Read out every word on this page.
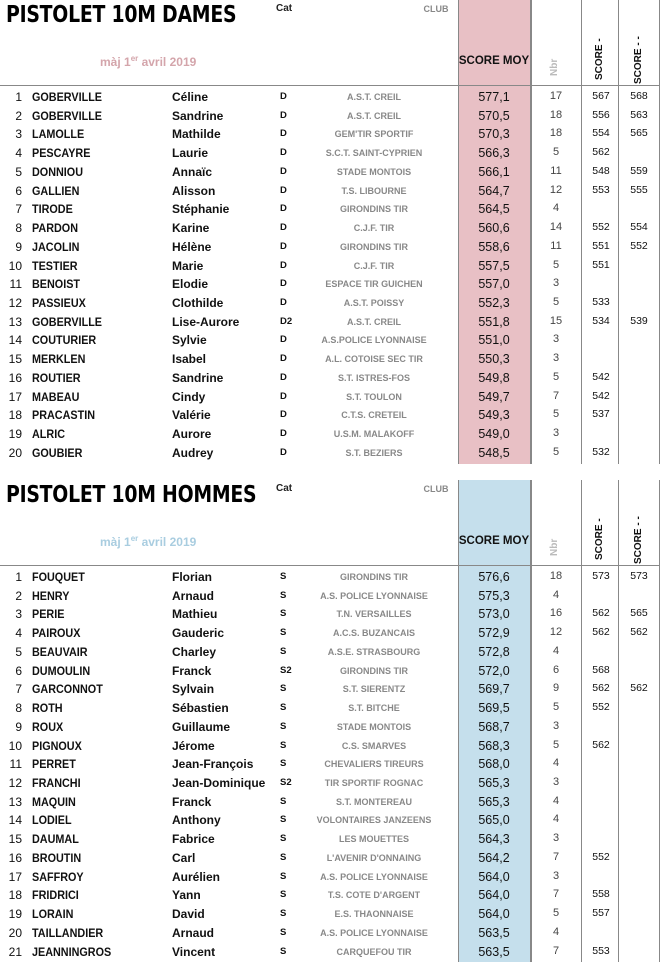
PISTOLET 10M DAMES
màj 1er avril 2019
Cat	CLUB
SCORE MOY Nbr	SCORE -	SCORE - -
1 GOBERVILLE	Céline	D	A.S.T. CREIL	577,1	17	567	568
2 GOBERVILLE	Sandrine	D	A.S.T. CREIL	570,5	18	556	563
3 LAMOLLE	Mathilde	D	GEM'TIR SPORTIF	570,3	18	554	565
4 PESCAYRE	Laurie	D	S.C.T. SAINT-CYPRIEN	566,3	5	562
5 DONNIOU	Annaïc	D	STADE MONTOIS	566,1	11	548	559
6 GALLIEN	Alisson	D	T.S. LIBOURNE	564,7	12	553	555
7 TIRODE	Stéphanie	D	GIRONDINS TIR	564,5	4
8 PARDON	Karine	D	C.J.F. TIR	560,6	14	552	554
9 JACOLIN	Hélène	D	GIRONDINS TIR	558,6	11	551	552
10 TESTIER	Marie	D	C.J.F. TIR	557,5	5	551
11 BENOIST	Elodie	D	ESPACE TIR GUICHEN	557,0	3
12 PASSIEUX	Clothilde	D	A.S.T. POISSY	552,3	5	533
13 GOBERVILLE	Lise-Aurore	D2	A.S.T. CREIL	551,8	15	534	539
14 COUTURIER	Sylvie	D	A.S.POLICE LYONNAISE	551,0	3
15 MERKLEN	Isabel	D	A.L. COTOISE SEC TIR	550,3	3
16 ROUTIER	Sandrine	D	S.T. ISTRES-FOS	549,8	5	542
17 MABEAU	Cindy	D	S.T. TOULON	549,7	7	542
18 PRACASTIN	Valérie	D	C.T.S. CRETEIL	549,3	5	537
19 ALRIC	Aurore	D	U.S.M. MALAKOFF	549,0	3
20 GOUBIER	Audrey	D	S.T. BEZIERS	548,5	5	532
PISTOLET 10M HOMMES
màj 1er avril 2019
Cat	CLUB
SCORE MOY Nbr	SCORE -	SCORE - -
1 FOUQUET	Florian	S	GIRONDINS TIR	576,6	18	573	573
2 HENRY	Arnaud	S	A.S. POLICE LYONNAISE	575,3	4
3 PERIE	Mathieu	S	T.N. VERSAILLES	573,0	16	562	565
4 PAIROUX	Gauderic	S	A.C.S. BUZANCAIS	572,9	12	562	562
5 BEAUVAIR	Charley	S	A.S.E. STRASBOURG	572,8	4
6 DUMOULIN	Franck	S2	GIRONDINS TIR	572,0	6	568
7 GARCONNOT	Sylvain	S	S.T. SIERENTZ	569,7	9	562	562
8 ROTH	Sébastien	S	S.T. BITCHE	569,5	5	552
9 ROUX	Guillaume	S	STADE MONTOIS	568,7	3
10 PIGNOUX	Jérome	S	C.S. SMARVES	568,3	5	562
11 PERRET	Jean-François	S	CHEVALIERS TIREURS	568,0	4
12 FRANCHI	Jean-Dominique S2	TIR SPORTIF ROGNAC	565,3	3
13 MAQUIN	Franck	S	S.T. MONTEREAU	565,3	4
14 LODIEL	Anthony	S	VOLONTAIRES JANZEENS	565,0	4
15 DAUMAL	Fabrice	S	LES MOUETTES	564,3	3
16 BROUTIN	Carl	S	L'AVENIR D'ONNAING	564,2	7	552
17 SAFFROY	Aurélien	S	A.S. POLICE LYONNAISE	564,0	3
18 FRIDRICI	Yann	S	T.S. COTE D'ARGENT	564,0	7	558
19 LORAIN	David	S	E.S. THAONNAISE	564,0	5	557
20 TAILLANDIER	Arnaud	S	A.S. POLICE LYONNAISE	563,5	4
21 JEANNINGROS	Vincent	S	CARQUEFOU TIR	563,5	7	553
